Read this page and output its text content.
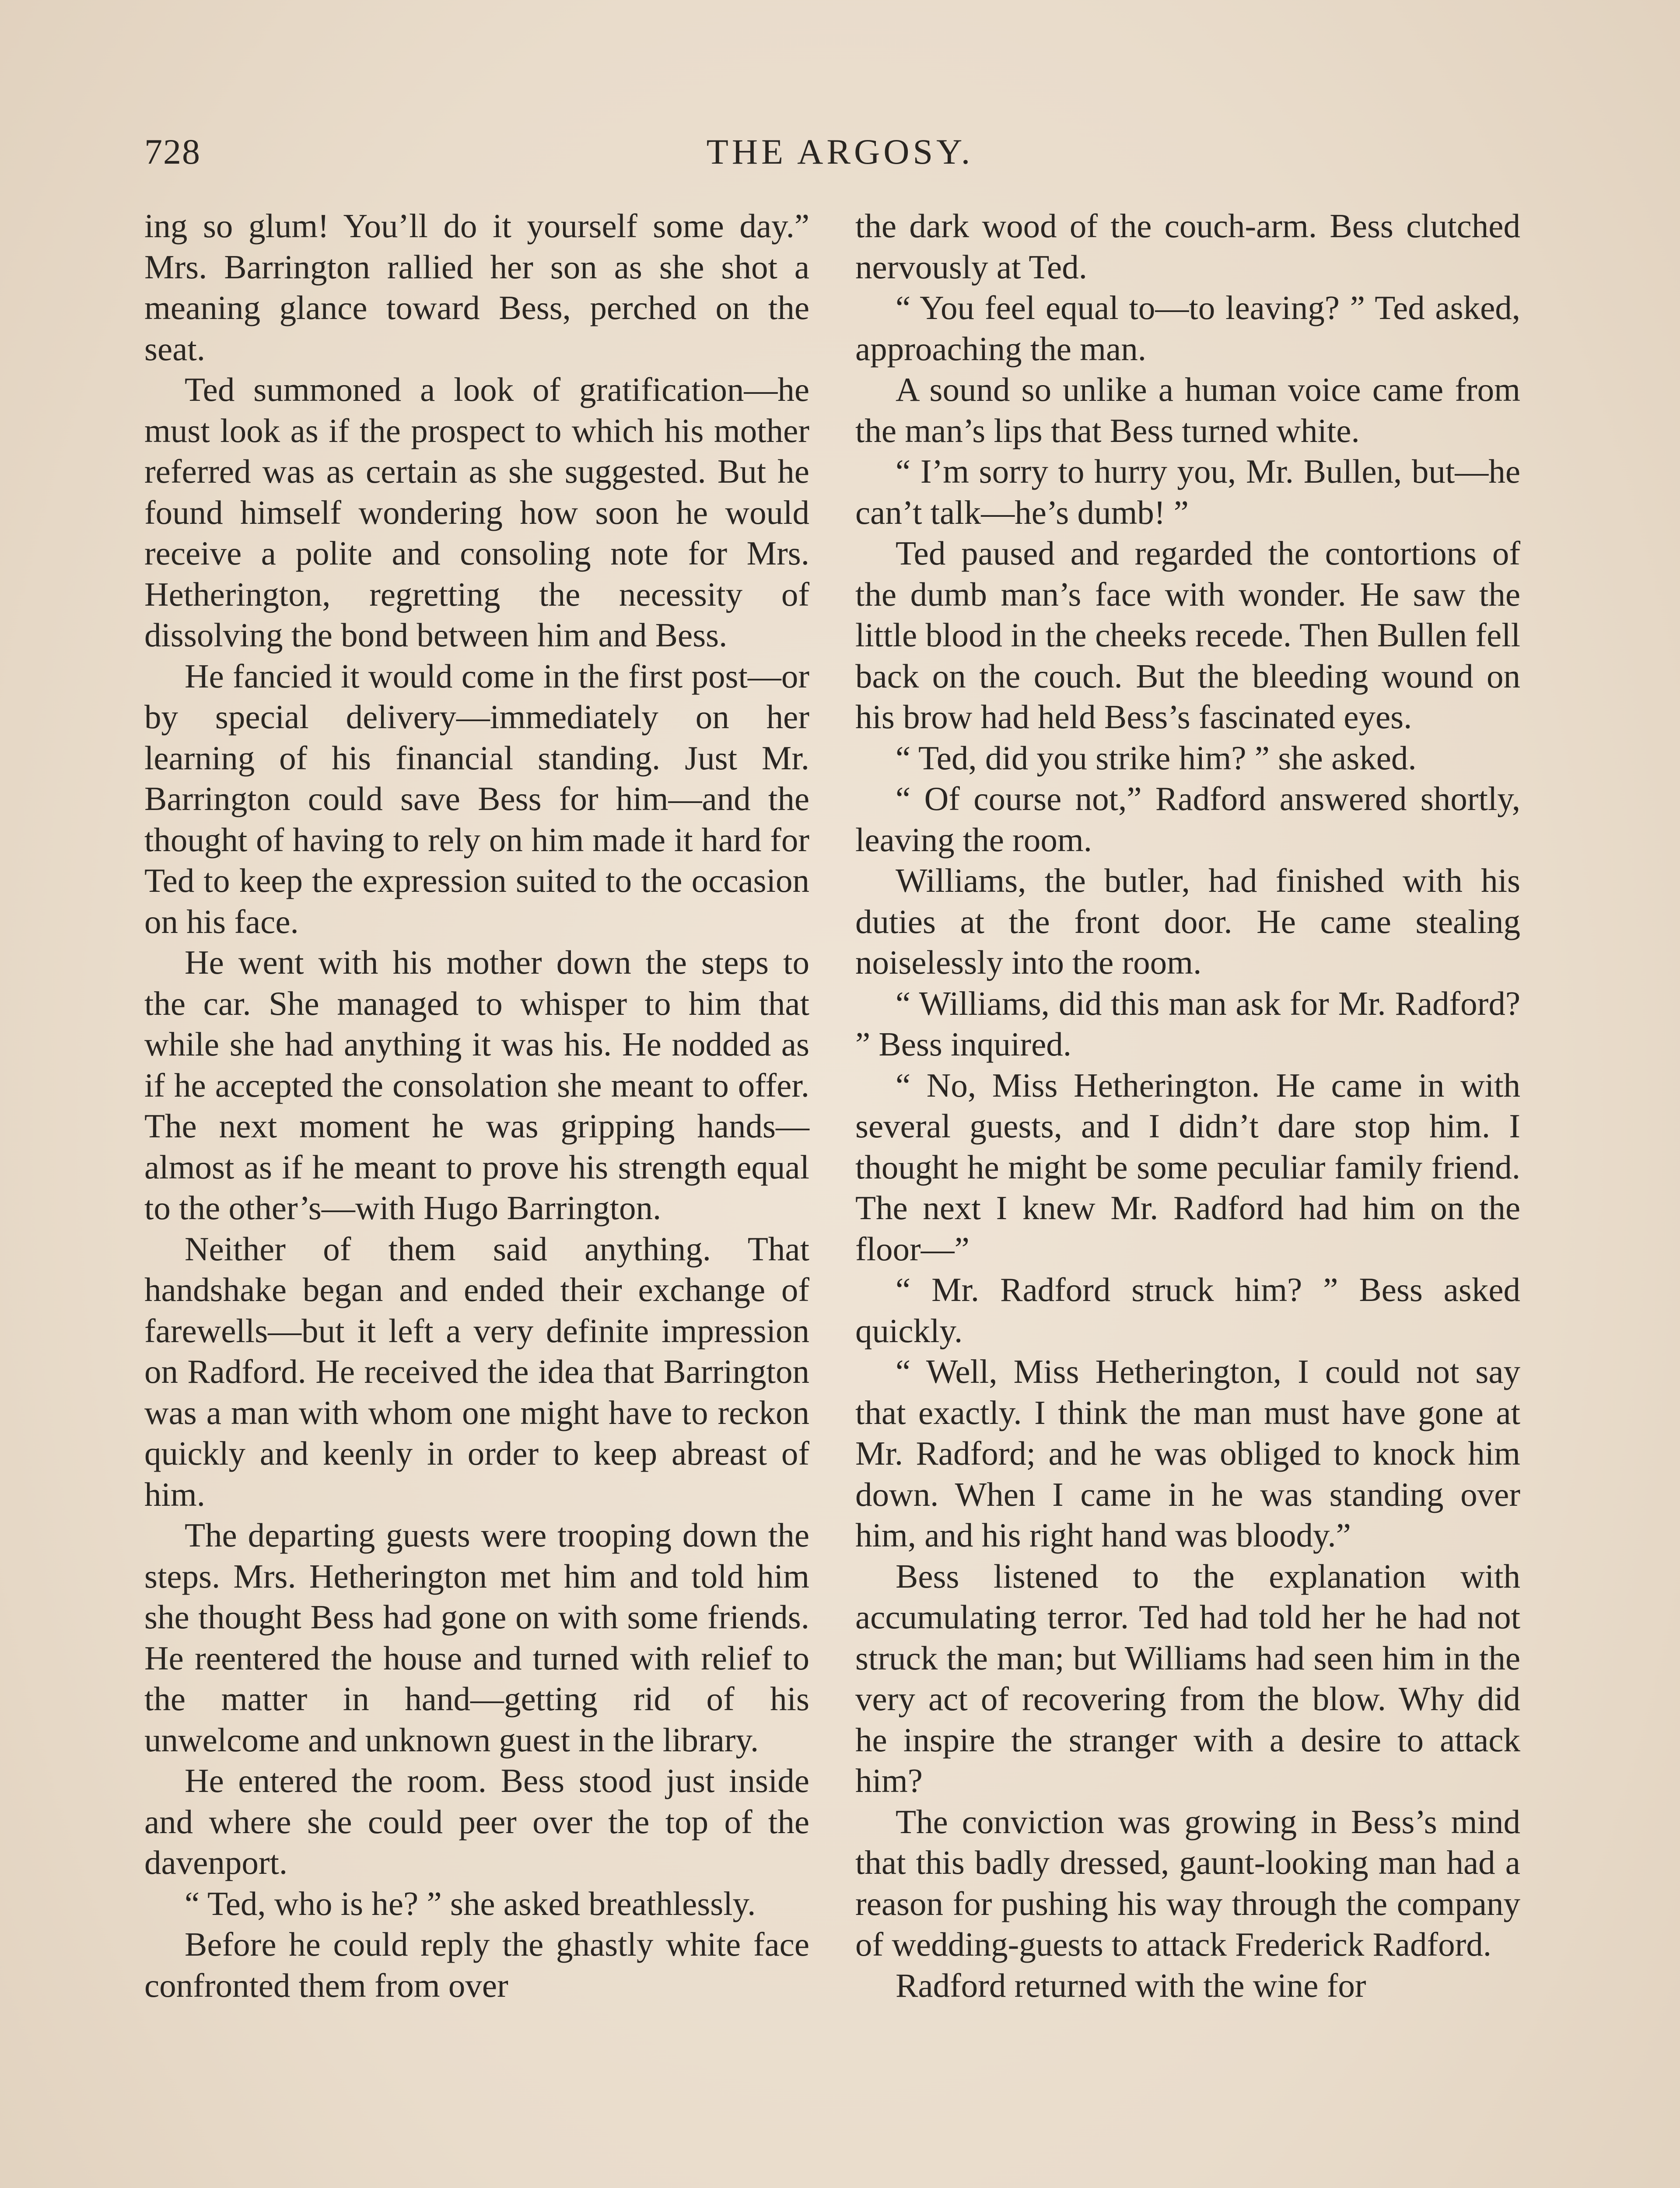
728	THE ARGOSY.

ing so glum! You’ll do it yourself some day.” Mrs. Barrington rallied her son as she shot a meaning glance toward Bess, perched on the seat.

Ted summoned a look of gratification—he must look as if the prospect to which his mother referred was as certain as she suggested. But he found himself wondering how soon he would receive a polite and consoling note for Mrs. Hetherington, regretting the necessity of dissolving the bond between him and Bess.

He fancied it would come in the first post—or by special delivery—immediately on her learning of his financial standing. Just Mr. Barrington could save Bess for him—and the thought of having to rely on him made it hard for Ted to keep the expression suited to the occasion on his face.

He went with his mother down the steps to the car. She managed to whisper to him that while she had anything it was his. He nodded as if he accepted the consolation she meant to offer. The next moment he was gripping hands—almost as if he meant to prove his strength equal to the other’s—with Hugo Barrington.

Neither of them said anything. That handshake began and ended their exchange of farewells—but it left a very definite impression on Radford. He received the idea that Barrington was a man with whom one might have to reckon quickly and keenly in order to keep abreast of him.

The departing guests were trooping down the steps. Mrs. Hetherington met him and told him she thought Bess had gone on with some friends. He reentered the house and turned with relief to the matter in hand—getting rid of his unwelcome and unknown guest in the library.

He entered the room. Bess stood just inside and where she could peer over the top of the davenport.

“ Ted, who is he? ” she asked breathlessly.

Before he could reply the ghastly white face confronted them from over

the dark wood of the couch-arm. Bess clutched nervously at Ted.

“ You feel equal to—to leaving? ” Ted asked, approaching the man.

A sound so unlike a human voice came from the man’s lips that Bess turned white.

“ I’m sorry to hurry you, Mr. Bullen, but—he can’t talk—he’s dumb! ”

Ted paused and regarded the contortions of the dumb man’s face with wonder. He saw the little blood in the cheeks recede. Then Bullen fell back on the couch. But the bleeding wound on his brow had held Bess’s fascinated eyes.

“ Ted, did you strike him? ” she asked.

“ Of course not,” Radford answered shortly, leaving the room.

Williams, the butler, had finished with his duties at the front door. He came stealing noiselessly into the room.

“ Williams, did this man ask for Mr. Radford? ” Bess inquired.

“ No, Miss Hetherington. He came in with several guests, and I didn’t dare stop him. I thought he might be some peculiar family friend. The next I knew Mr. Radford had him on the floor—”

“ Mr. Radford struck him? ” Bess asked quickly.

“ Well, Miss Hetherington, I could not say that exactly. I think the man must have gone at Mr. Radford; and he was obliged to knock him down. When I came in he was standing over him, and his right hand was bloody.”

Bess listened to the explanation with accumulating terror. Ted had told her he had not struck the man; but Williams had seen him in the very act of recovering from the blow. Why did he inspire the stranger with a desire to attack him?

The conviction was growing in Bess’s mind that this badly dressed, gaunt-looking man had a reason for pushing his way through the company of wedding-guests to attack Frederick Radford.

Radford returned with the wine for
